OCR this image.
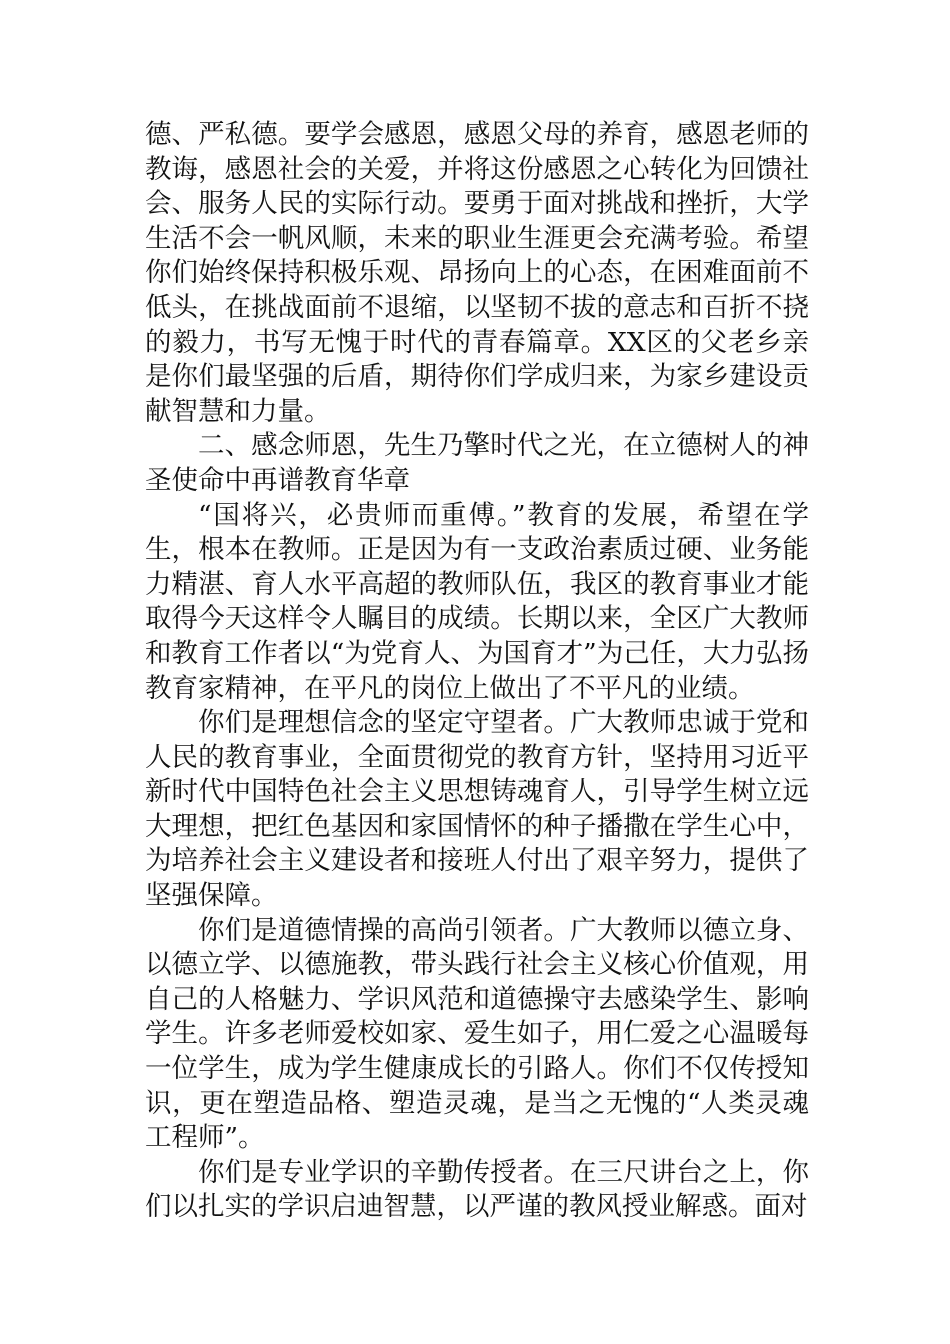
德、严私德。要学会感恩，感恩父母的养育，感恩老师的教诲，感恩社会的关爱，并将这份感恩之心转化为回馈社会、服务人民的实际行动。要勇于面对挑战和挫折，大学生活不会一帆风顺，未来的职业生涯更会充满考验。希望你们始终保持积极乐观、昂扬向上的心态，在困难面前不低头，在挑战面前不退缩，以坚韧不拔的意志和百折不挠的毅力，书写无愧于时代的青春篇章。XX区的父老乡亲是你们最坚强的后盾，期待你们学成归来，为家乡建设贡献智慧和力量。

二、感念师恩，先生乃擎时代之光，在立德树人的神圣使命中再谱教育华章

“国将兴，必贵师而重傅。”教育的发展，希望在学生，根本在教师。正是因为有一支政治素质过硬、业务能力精湛、育人水平高超的教师队伍，我区的教育事业才能取得今天这样令人瞩目的成绩。长期以来，全区广大教师和教育工作者以“为党育人、为国育才”为己任，大力弘扬教育家精神，在平凡的岗位上做出了不平凡的业绩。

你们是理想信念的坚定守望者。广大教师忠诚于党和人民的教育事业，全面贯彻党的教育方针，坚持用习近平新时代中国特色社会主义思想铸魂育人，引导学生树立远大理想，把红色基因和家国情怀的种子播撒在学生心中，为培养社会主义建设者和接班人付出了艰辛努力，提供了坚强保障。

你们是道德情操的高尚引领者。广大教师以德立身、以德立学、以德施教，带头践行社会主义核心价值观，用自己的人格魅力、学识风范和道德操守去感染学生、影响学生。许多老师爱校如家、爱生如子，用仁爱之心温暖每一位学生，成为学生健康成长的引路人。你们不仅传授知识，更在塑造品格、塑造灵魂，是当之无愧的“人类灵魂工程师”。

你们是专业学识的辛勤传授者。在三尺讲台之上，你们以扎实的学识启迪智慧，以严谨的教风授业解惑。面对
